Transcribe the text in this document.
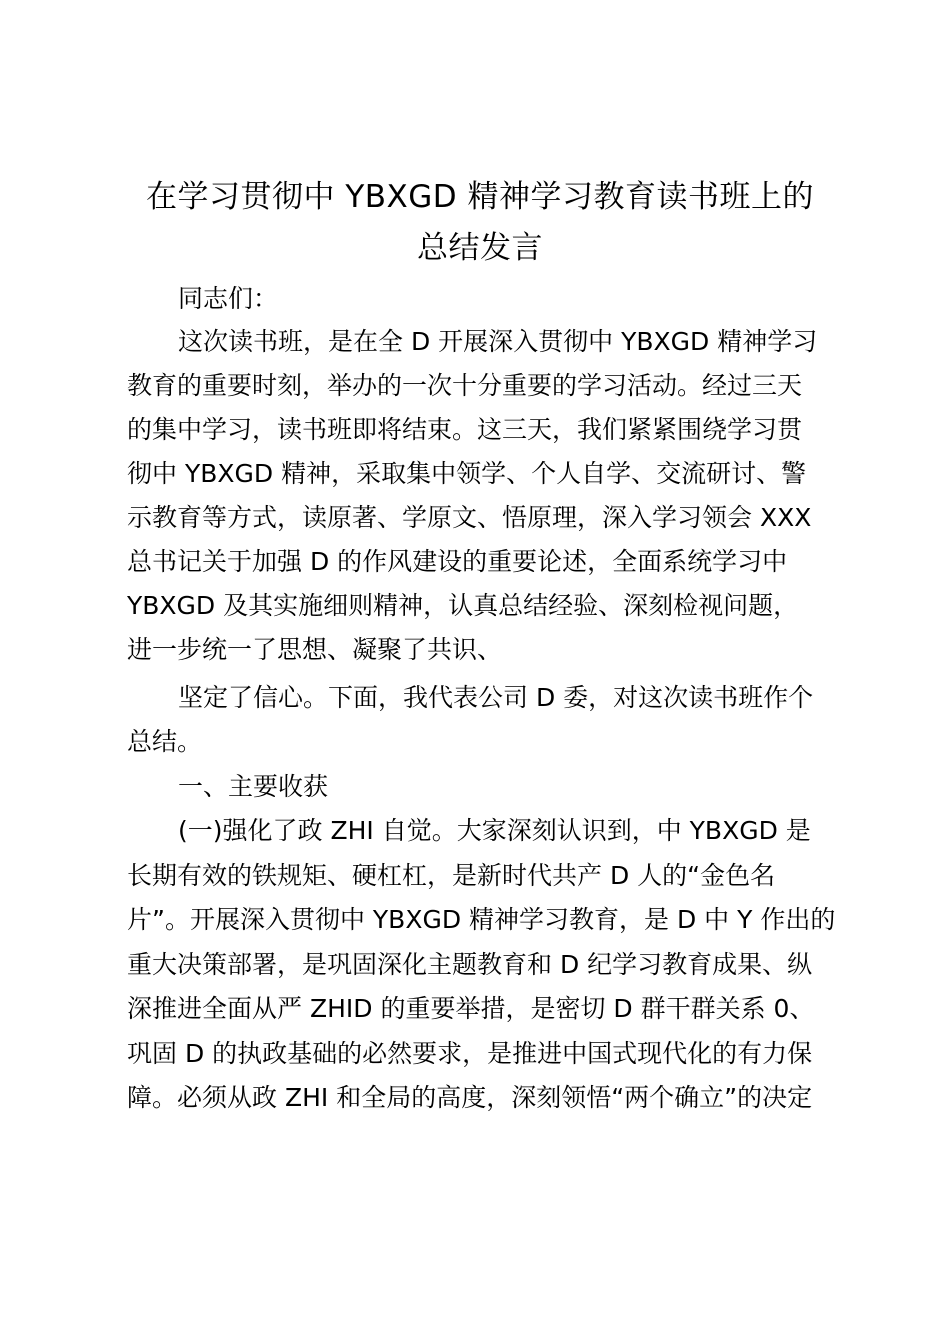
在学习贯彻中 YBXGD 精神学习教育读书班上的
总结发言
同志们：
这次读书班，是在全 D 开展深入贯彻中 YBXGD 精神学习
教育的重要时刻，举办的一次十分重要的学习活动。经过三天
的集中学习，读书班即将结束。这三天，我们紧紧围绕学习贯
彻中 YBXGD 精神，采取集中领学、个人自学、交流研讨、警
示教育等方式，读原著、学原文、悟原理，深入学习领会 XXX
总书记关于加强 D 的作风建设的重要论述，全面系统学习中
YBXGD 及其实施细则精神，认真总结经验、深刻检视问题，
进一步统一了思想、凝聚了共识、
坚定了信心。下面，我代表公司 D 委，对这次读书班作个
总结。
一、主要收获
(一)强化了政 ZHI 自觉。大家深刻认识到，中 YBXGD 是
长期有效的铁规矩、硬杠杠，是新时代共产 D 人的“金色名
片”。开展深入贯彻中 YBXGD 精神学习教育，是 D 中 Y 作出的
重大决策部署，是巩固深化主题教育和 D 纪学习教育成果、纵
深推进全面从严 ZHID 的重要举措，是密切 D 群干群关系 0、
巩固 D 的执政基础的必然要求，是推进中国式现代化的有力保
障。必须从政 ZHI 和全局的高度，深刻领悟“两个确立”的决定
